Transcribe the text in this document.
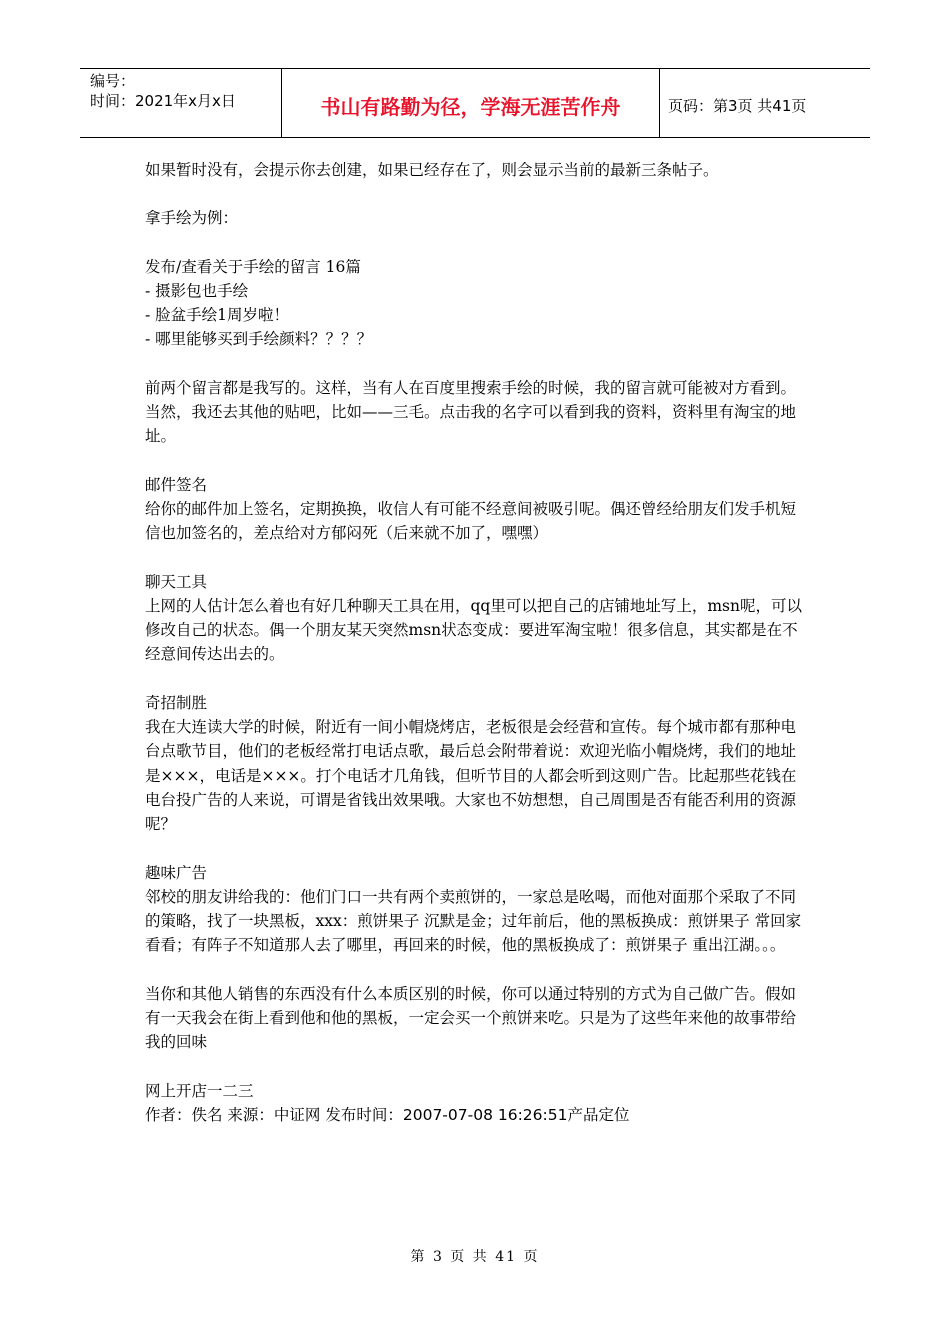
编号：
时间：2021年x月x日	书山有路勤为径，学海无涯苦作舟	页码：第3页 共41页

如果暂时没有，会提示你去创建，如果已经存在了，则会显示当前的最新三条帖子。

拿手绘为例：

发布/查看关于手绘的留言 16篇

- 摄影包也手绘

- 脸盆手绘1周岁啦！

- 哪里能够买到手绘颜料？？？？

前两个留言都是我写的。这样，当有人在百度里搜索手绘的时候，我的留言就可能被对方看到。

当然，我还去其他的贴吧，比如——三毛。点击我的名字可以看到我的资料，资料里有淘宝的地址。

邮件签名

给你的邮件加上签名，定期换换，收信人有可能不经意间被吸引呢。偶还曾经给朋友们发手机短信也加签名的，差点给对方郁闷死（后来就不加了，嘿嘿）

聊天工具

上网的人估计怎么着也有好几种聊天工具在用，qq里可以把自己的店铺地址写上，msn呢，可以修改自己的状态。偶一个朋友某天突然msn状态变成：要进军淘宝啦！很多信息，其实都是在不经意间传达出去的。

奇招制胜

我在大连读大学的时候，附近有一间小帽烧烤店，老板很是会经营和宣传。每个城市都有那种电台点歌节目，他们的老板经常打电话点歌，最后总会附带着说：欢迎光临小帽烧烤，我们的地址是×××，电话是×××。打个电话才几角钱，但听节目的人都会听到这则广告。比起那些花钱在电台投广告的人来说，可谓是省钱出效果哦。大家也不妨想想，自己周围是否有能否利用的资源呢？

趣味广告

邻校的朋友讲给我的：他们门口一共有两个卖煎饼的，一家总是吆喝，而他对面那个采取了不同的策略，找了一块黑板，xxx：煎饼果子 沉默是金；过年前后，他的黑板换成：煎饼果子 常回家看看；有阵子不知道那人去了哪里，再回来的时候，他的黑板换成了：煎饼果子 重出江湖。。。

当你和其他人销售的东西没有什么本质区别的时候，你可以通过特别的方式为自己做广告。假如有一天我会在街上看到他和他的黑板，一定会买一个煎饼来吃。只是为了这些年来他的故事带给我的回味

网上开店一二三

作者：佚名 来源：中证网 发布时间：2007-07-08 16:26:51产品定位

第 3 页 共 41 页
